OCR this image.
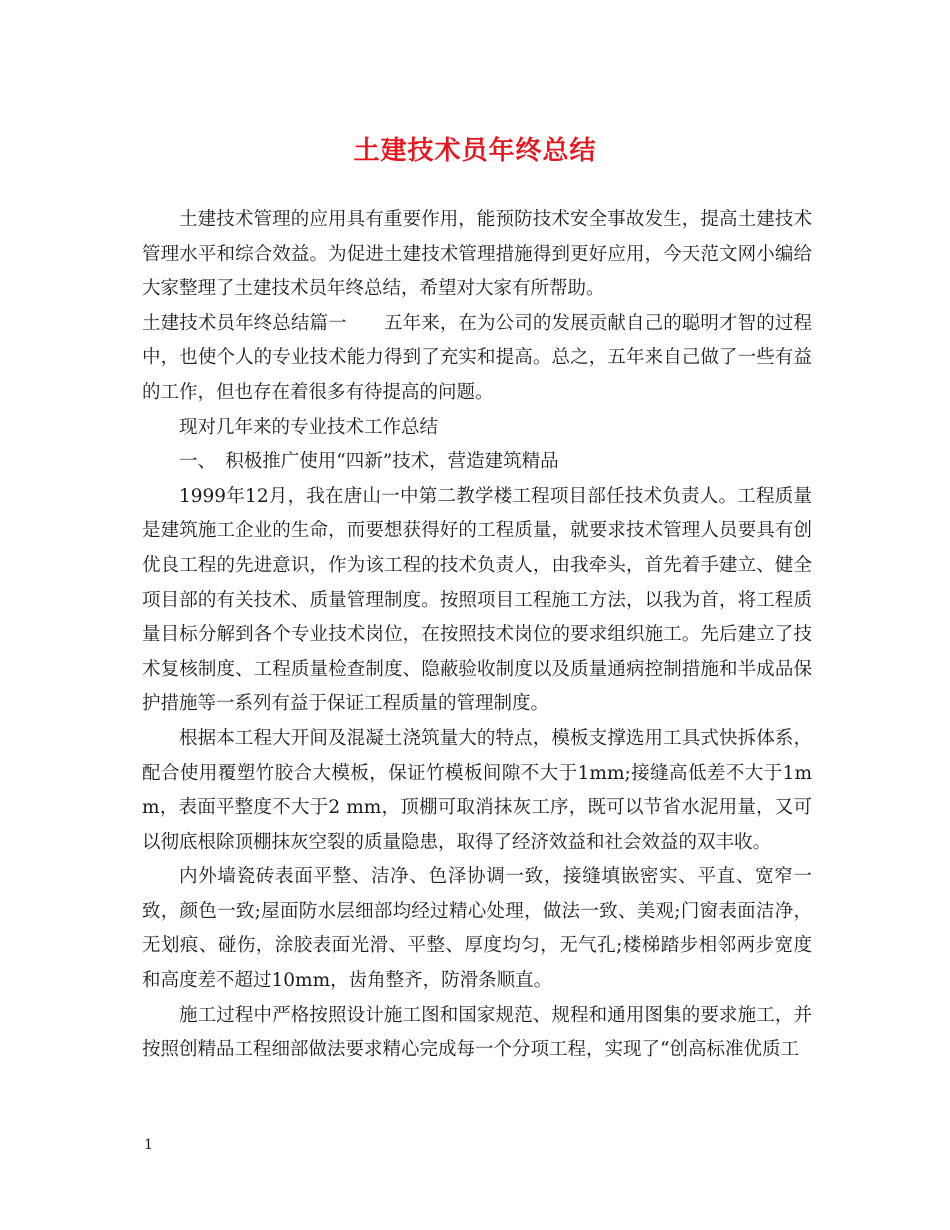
土建技术员年终总结

土建技术管理的应用具有重要作用，能预防技术安全事故发生，提高土建技术管理水平和综合效益。为促进土建技术管理措施得到更好应用，今天范文网小编给大家整理了土建技术员年终总结，希望对大家有所帮助。

土建技术员年终总结篇一　　五年来，在为公司的发展贡献自己的聪明才智的过程中，也使个人的专业技术能力得到了充实和提高。总之，五年来自己做了一些有益的工作，但也存在着很多有待提高的问题。

现对几年来的专业技术工作总结

一、　积极推广使用“四新”技术，营造建筑精品

1999年12月，我在唐山一中第二教学楼工程项目部任技术负责人。工程质量是建筑施工企业的生命，而要想获得好的工程质量，就要求技术管理人员要具有创优良工程的先进意识，作为该工程的技术负责人，由我牵头，首先着手建立、健全项目部的有关技术、质量管理制度。按照项目工程施工方法，以我为首，将工程质量目标分解到各个专业技术岗位，在按照技术岗位的要求组织施工。先后建立了技术复核制度、工程质量检查制度、隐蔽验收制度以及质量通病控制措施和半成品保护措施等一系列有益于保证工程质量的管理制度。

根据本工程大开间及混凝土浇筑量大的特点，模板支撑选用工具式快拆体系，配合使用覆塑竹胶合大模板，保证竹模板间隙不大于1mm;接缝高低差不大于1mm，表面平整度不大于2 mm，顶棚可取消抹灰工序，既可以节省水泥用量，又可以彻底根除顶棚抹灰空裂的质量隐患，取得了经济效益和社会效益的双丰收。

内外墙瓷砖表面平整、洁净、色泽协调一致，接缝填嵌密实、平直、宽窄一致，颜色一致;屋面防水层细部均经过精心处理，做法一致、美观;门窗表面洁净，无划痕、碰伤，涂胶表面光滑、平整、厚度均匀，无气孔;楼梯踏步相邻两步宽度和高度差不超过10mm，齿角整齐，防滑条顺直。

施工过程中严格按照设计施工图和国家规范、规程和通用图集的要求施工，并按照创精品工程细部做法要求精心完成每一个分项工程，实现了“创高标准优质工

1
